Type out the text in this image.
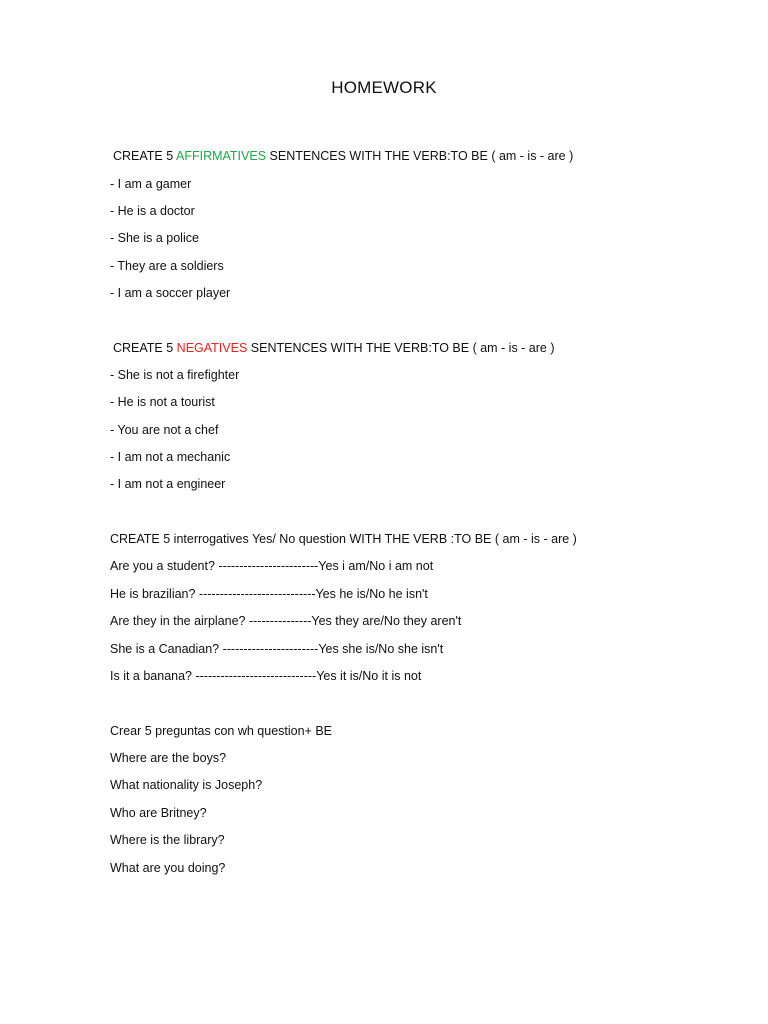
HOMEWORK
CREATE 5 AFFIRMATIVES SENTENCES WITH THE VERB:TO BE ( am - is - are )
- I am a gamer
- He is a doctor
- She is a police
- They are a soldiers
- I am a soccer player
CREATE 5 NEGATIVES SENTENCES WITH THE VERB:TO BE ( am - is - are )
- She is not a firefighter
- He is not a tourist
- You are not a chef
- I am not a mechanic
- I am not a engineer
CREATE 5 interrogatives Yes/ No question WITH THE VERB :TO BE ( am - is - are )
Are you a student? ------------------------Yes i am/No i am not
He is brazilian? ----------------------------Yes he is/No he isn't
Are they in the airplane? ---------------Yes they are/No they aren't
She is a Canadian? -----------------------Yes she is/No she isn't
Is it a banana? -----------------------------Yes it is/No it is not
Crear 5 preguntas con wh question+ BE
Where are the boys?
What nationality is Joseph?
Who are Britney?
Where is the library?
What are you doing?
